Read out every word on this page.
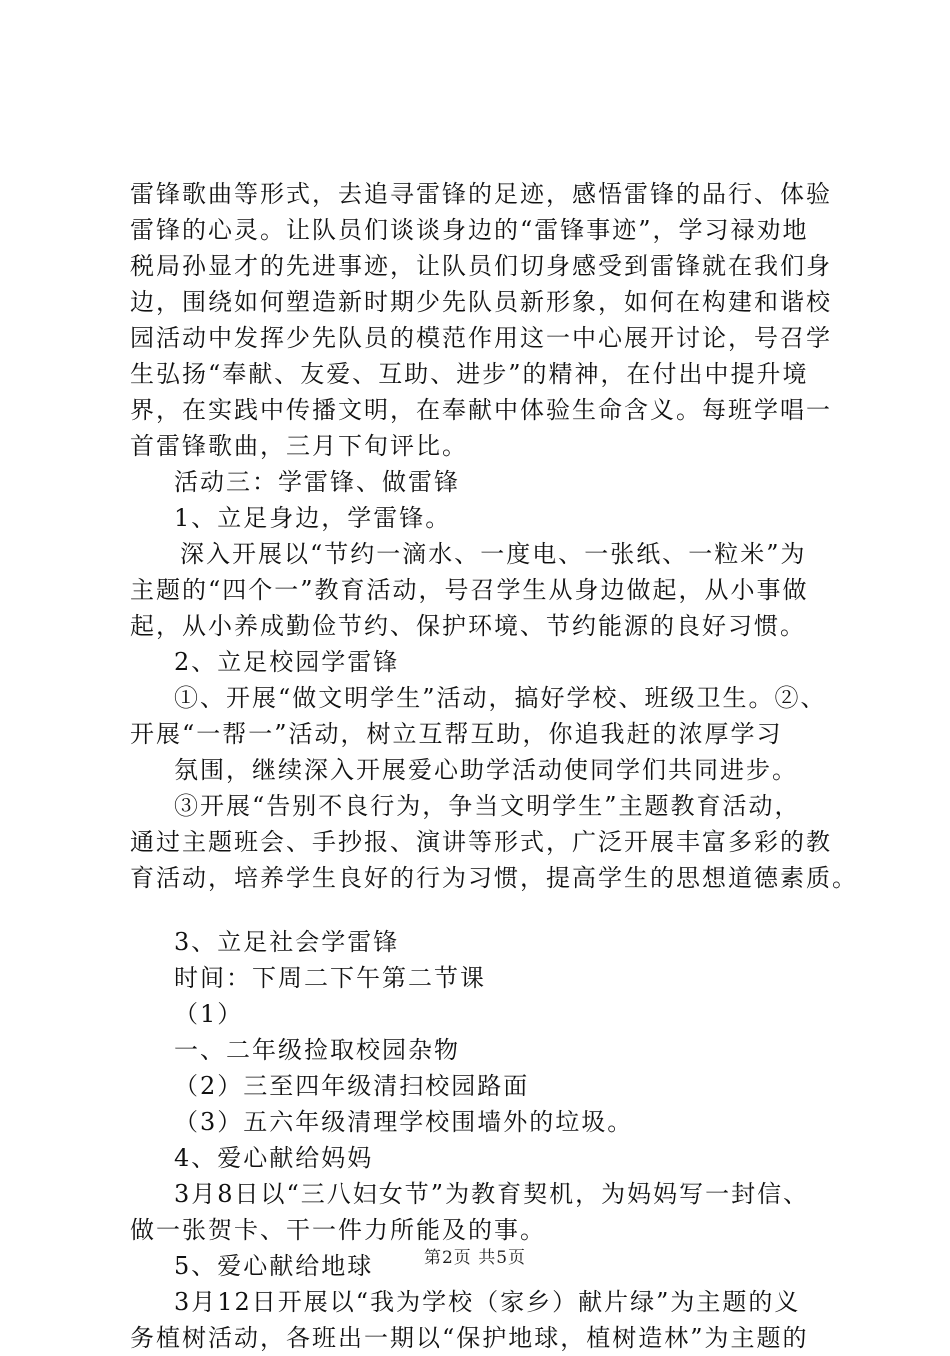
雷锋歌曲等形式，去追寻雷锋的足迹，感悟雷锋的品行、体验
雷锋的心灵。让队员们谈谈身边的“雷锋事迹”，学习禄劝地
税局孙显才的先进事迹，让队员们切身感受到雷锋就在我们身
边，围绕如何塑造新时期少先队员新形象，如何在构建和谐校
园活动中发挥少先队员的模范作用这一中心展开讨论，号召学
生弘扬“奉献、友爱、互助、进步”的精神，在付出中提升境
界，在实践中传播文明，在奉献中体验生命含义。每班学唱一
首雷锋歌曲，三月下旬评比。
活动三：学雷锋、做雷锋
1、立足身边，学雷锋。
深入开展以“节约一滴水、一度电、一张纸、一粒米”为
主题的“四个一”教育活动，号召学生从身边做起，从小事做
起，从小养成勤俭节约、保护环境、节约能源的良好习惯。
2、立足校园学雷锋
①、开展“做文明学生”活动，搞好学校、班级卫生。②、
开展“一帮一”活动，树立互帮互助，你追我赶的浓厚学习
氛围，继续深入开展爱心助学活动使同学们共同进步。
③开展“告别不良行为，争当文明学生”主题教育活动，
通过主题班会、手抄报、演讲等形式，广泛开展丰富多彩的教
育活动，培养学生良好的行为习惯，提高学生的思想道德素质。
3、立足社会学雷锋
时间：下周二下午第二节课
（1）
一、二年级捡取校园杂物
（2）三至四年级清扫校园路面
（3）五六年级清理学校围墙外的垃圾。
4、爱心献给妈妈
3月8日以“三八妇女节”为教育契机，为妈妈写一封信、
做一张贺卡、干一件力所能及的事。
5、爱心献给地球
3月12日开展以“我为学校（家乡）献片绿”为主题的义
务植树活动，各班出一期以“保护地球，植树造林”为主题的
第2页 共5页
